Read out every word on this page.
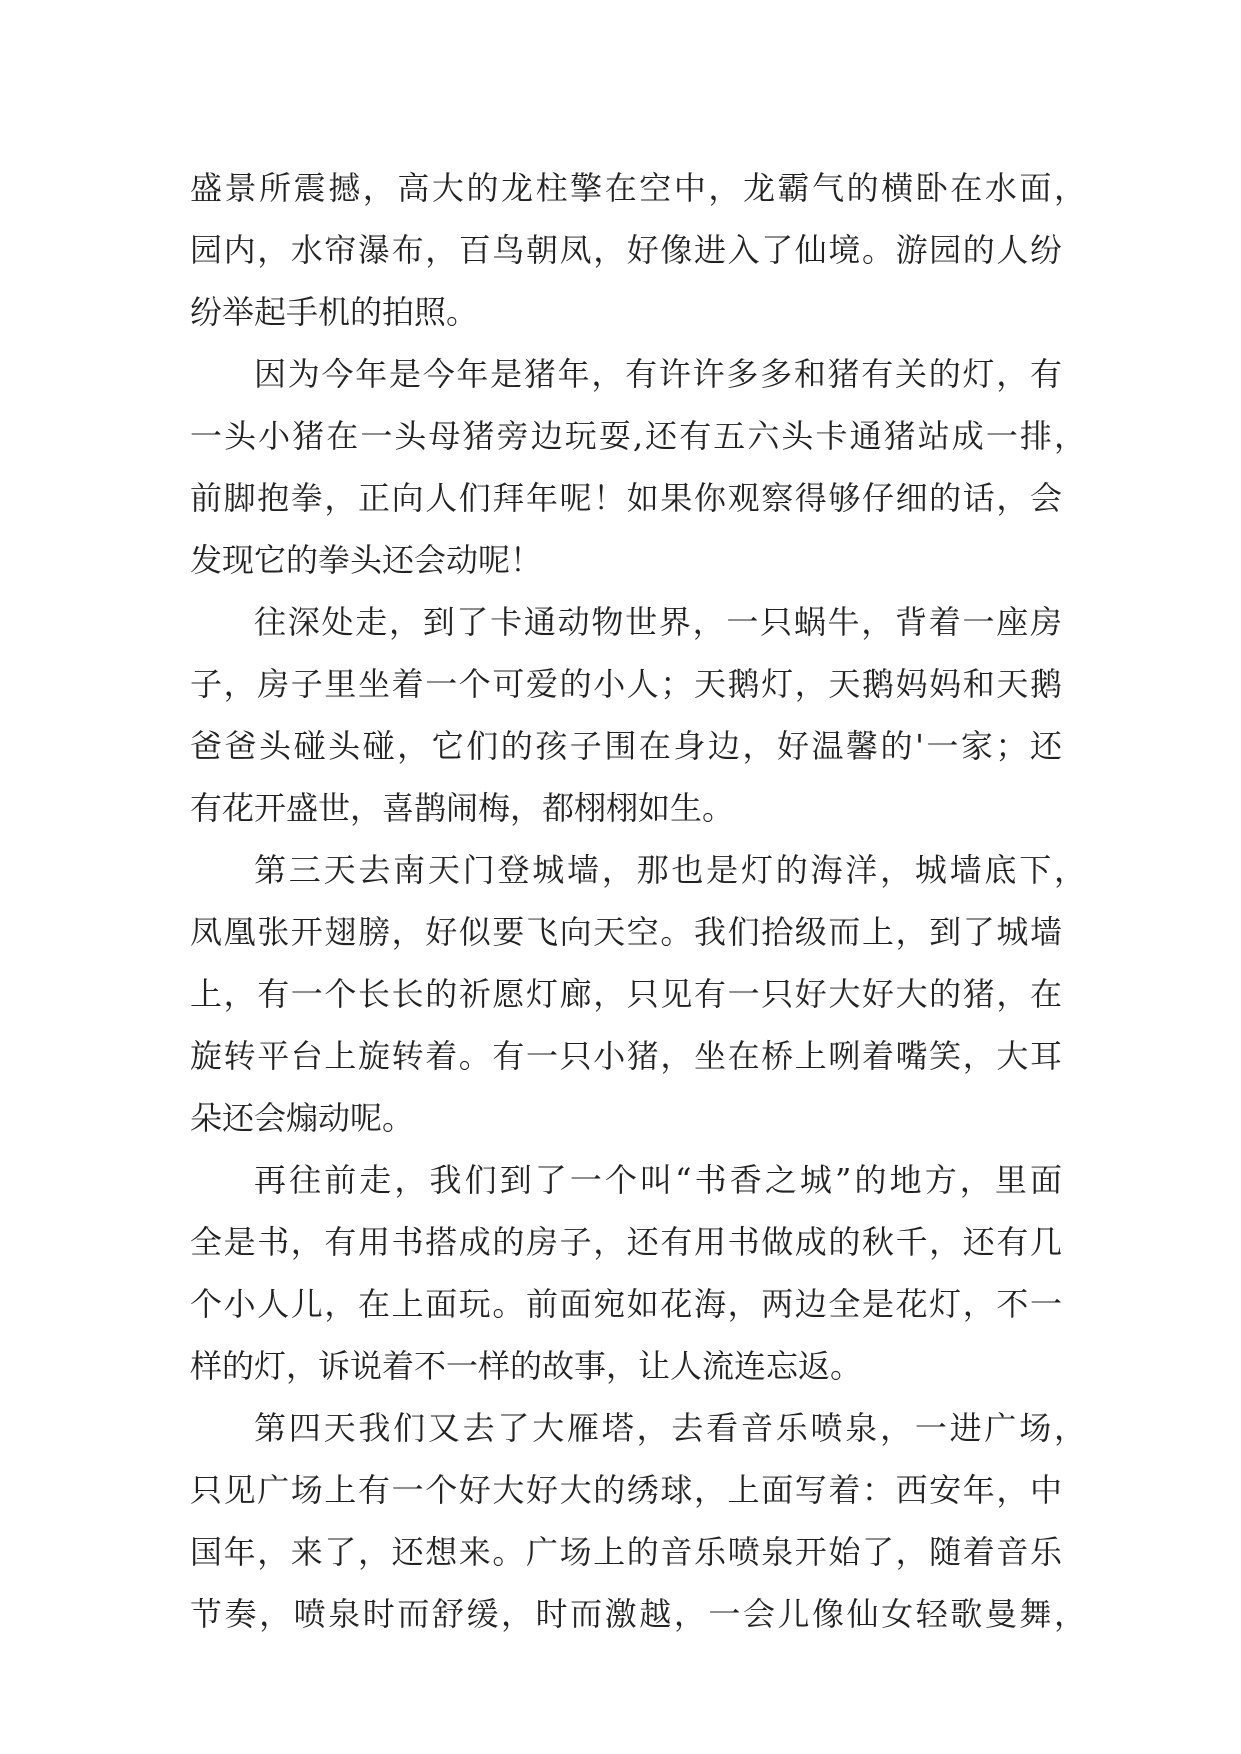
盛景所震撼，高大的龙柱擎在空中，龙霸气的横卧在水面，
园内，水帘瀑布，百鸟朝凤，好像进入了仙境。游园的人纷
纷举起手机的拍照。
因为今年是今年是猪年，有许许多多和猪有关的灯，有
一头小猪在一头母猪旁边玩耍,还有五六头卡通猪站成一排，
前脚抱拳，正向人们拜年呢！如果你观察得够仔细的话，会
发现它的拳头还会动呢！
往深处走，到了卡通动物世界，一只蜗牛，背着一座房
子，房子里坐着一个可爱的小人；天鹅灯，天鹅妈妈和天鹅
爸爸头碰头碰，它们的孩子围在身边，好温馨的'一家；还
有花开盛世，喜鹊闹梅，都栩栩如生。
第三天去南天门登城墙，那也是灯的海洋，城墙底下，
凤凰张开翅膀，好似要飞向天空。我们拾级而上，到了城墙
上，有一个长长的祈愿灯廊，只见有一只好大好大的猪，在
旋转平台上旋转着。有一只小猪，坐在桥上咧着嘴笑，大耳
朵还会煽动呢。
再往前走，我们到了一个叫“书香之城”的地方，里面
全是书，有用书搭成的房子，还有用书做成的秋千，还有几
个小人儿，在上面玩。前面宛如花海，两边全是花灯，不一
样的灯，诉说着不一样的故事，让人流连忘返。
第四天我们又去了大雁塔，去看音乐喷泉，一进广场，
只见广场上有一个好大好大的绣球，上面写着：西安年，中
国年，来了，还想来。广场上的音乐喷泉开始了，随着音乐
节奏，喷泉时而舒缓，时而激越，一会儿像仙女轻歌曼舞，
